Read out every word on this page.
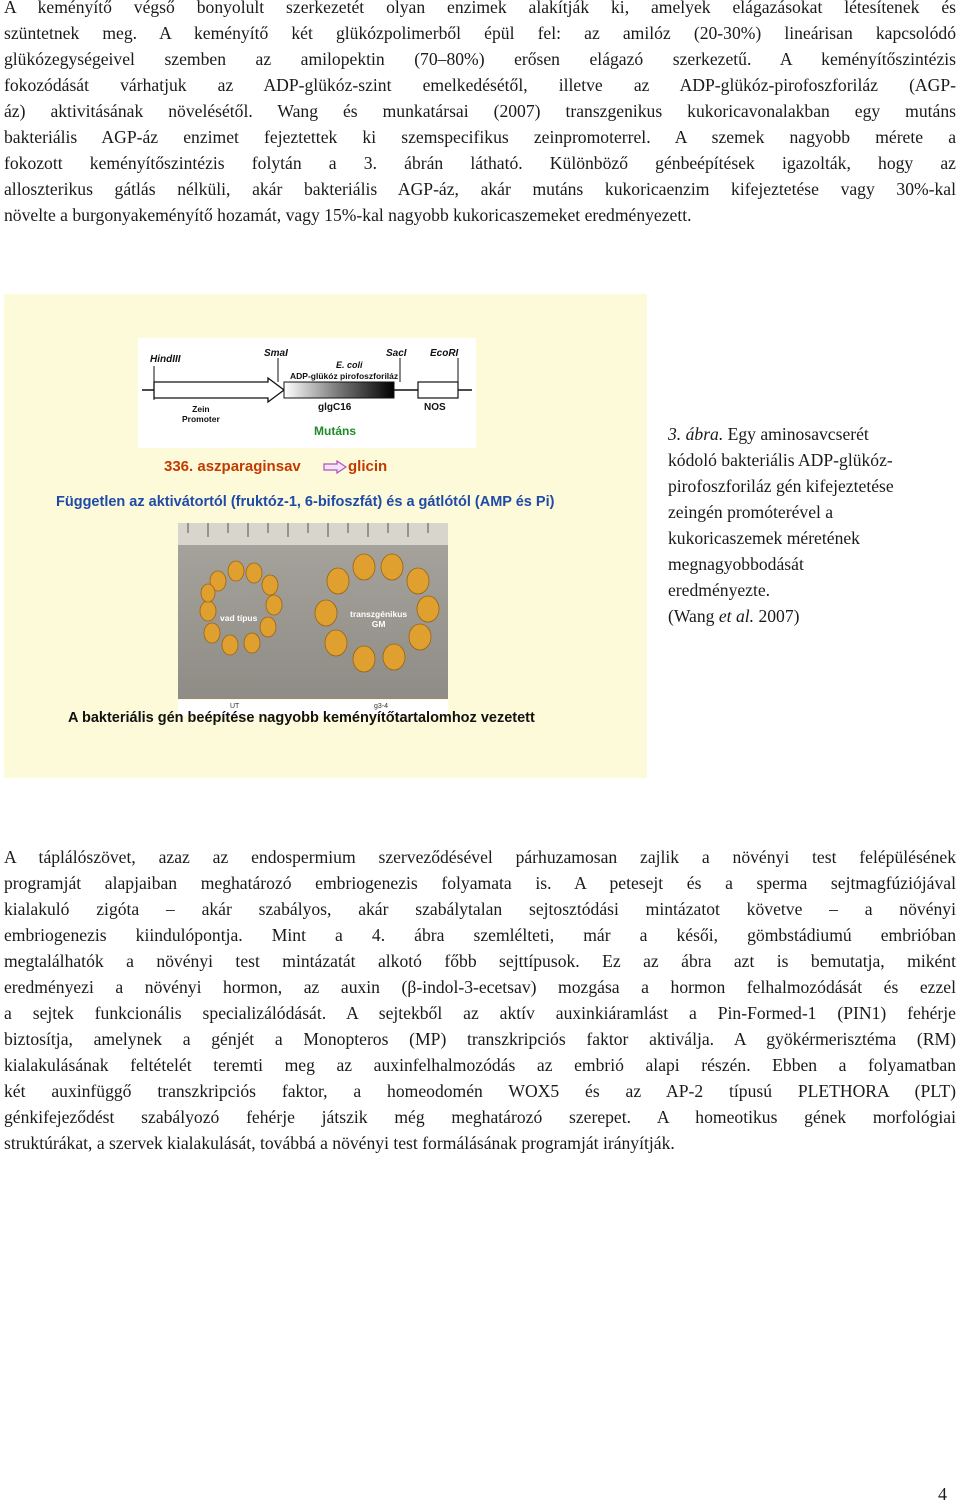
A keményítő végső bonyolult szerkezetét olyan enzimek alakítják ki, amelyek elágazásokat létesítenek és
szüntetnek meg. A keményítő két glükózpolimerből épül fel: az amilóz (20-30%) lineárisan kapcsolódó
glükózegységeivel szemben az amilopektin (70–80%) erősen elágazó szerkezetű. A keményítőszintézis
fokozódását várhatjuk az ADP-glükóz-szint emelkedésétől, illetve az ADP-glükóz-pirofoszforiláz (AGP-
áz) aktivitásának növelésétől. Wang és munkatársai (2007) transzgenikus kukoricavonalakban egy mutáns
bakteriális AGP-áz enzimet fejeztettek ki szemspecifikus zeinpromoterrel. A szemek nagyobb mérete a
fokozott keményítőszintézis folytán a 3. ábrán látható. Különböző génbeépítések igazolták, hogy az
alloszterikus gátlás nélküli, akár bakteriális AGP-áz, akár mutáns kukoricaenzim kifejeztetése vagy 30%-kal
növelte a burgonyakeményítő hozamát, vagy 15%-kal nagyobb kukoricaszemeket eredményezett.
HindIII
SmaI	SacI EcoRI
E. coli
ADP-glükóz pirofoszforiláz
Zein
Promoter
glgC16	NOS
Mutáns
336. aszparaginsav	glicin
Független az aktivátortól (fruktóz-1, 6-bifoszfát) és a gátlótól (AMP és Pi)
vad típus	transzgénikus
GM
UT	g3-4
A bakteriális gén beépítése nagyobb keményítőtartalomhoz vezetett
3. ábra. Egy aminosavcserét
kódoló bakteriális ADP-glükóz-
pirofoszforiláz gén kifejeztetése
zeingén promóterével a
kukoricaszemek méretének
megnagyobbodását
eredményezte.
(Wang et al. 2007)
A táplálószövet, azaz az endospermium szerveződésével párhuzamosan zajlik a növényi test felépülésének
programját alapjaiban meghatározó embriogenezis folyamata is. A petesejt és a sperma sejtmagfúziójával
kialakuló zigóta – akár szabályos, akár szabálytalan sejtosztódási mintázatot követve – a növényi
embriogenezis kiindulópontja. Mint a 4. ábra szemlélteti, már a késői, gömbstádiumú embrióban
megtalálhatók a növényi test mintázatát alkotó főbb sejttípusok. Ez az ábra azt is bemutatja, miként
eredményezi a növényi hormon, az auxin (β-indol-3-ecetsav) mozgása a hormon felhalmozódását és ezzel
a sejtek funkcionális specializálódását. A sejtekből az aktív auxinkiáramlást a Pin-Formed-1 (PIN1) fehérje
biztosítja, amelynek a génjét a Monopteros (MP) transzkripciós faktor aktiválja. A gyökérmerisztéma (RM)
kialakulásának feltételét teremti meg az auxinfelhalmozódás az embrió alapi részén. Ebben a folyamatban
két auxinfüggő transzkripciós faktor, a homeodomén WOX5 és az AP-2 típusú PLETHORA (PLT)
génkifejeződést szabályozó fehérje játszik még meghatározó szerepet. A homeotikus gének morfológiai
struktúrákat, a szervek kialakulását, továbbá a növényi test formálásának programját irányítják.
4
